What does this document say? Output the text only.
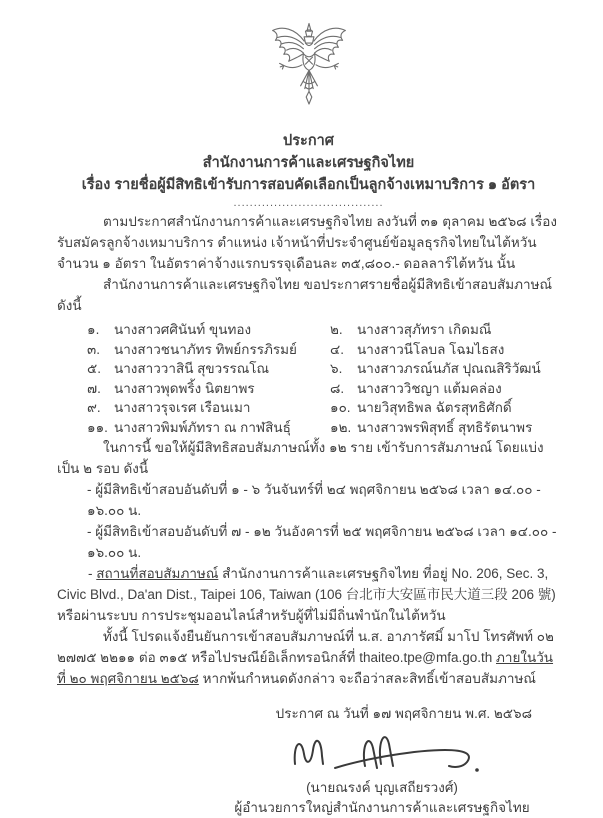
ประกาศ
สำนักงานการค้าและเศรษฐกิจไทย
เรื่อง รายชื่อผู้มีสิทธิเข้ารับการสอบคัดเลือกเป็นลูกจ้างเหมาบริการ ๑ อัตรา
.....................................

ตามประกาศสำนักงานการค้าและเศรษฐกิจไทย ลงวันที่ ๓๑ ตุลาคม ๒๕๖๘ เรื่อง รับสมัครลูกจ้างเหมาบริการ ตำแหน่ง เจ้าหน้าที่ประจำศูนย์ข้อมูลธุรกิจไทยในไต้หวัน จำนวน ๑ อัตรา ในอัตราค่าจ้างแรกบรรจุเดือนละ ๓๕,๘๐๐.- ดอลลาร์ไต้หวัน นั้น

สำนักงานการค้าและเศรษฐกิจไทย ขอประกาศรายชื่อผู้มีสิทธิเข้าสอบสัมภาษณ์ ดังนี้

๑.	นางสาวศศินันท์ ขุนทอง	๒.	นางสาวสุภัทรา เกิดมณี
๓.	นางสาวชนาภัทร ทิพย์กรรภิรมย์ ๔. นางสาวนีโลบล โฉมไธสง
๕. นางสาววาสินี สุขวรรณโณ	๖.	นางสาวภรณ์นภัส ปุณณสิริวัฒน์
๗. นางสาวพุดพริ้ง นิตยาพร	๘. นางสาววิชญา แต้มคล่อง
๙. นางสาวรุจเรศ เรือนเมา	๑๐. นายวิสุทธิพล ฉัตรสุทธิศักดิ์
๑๑. นางสาวพิมพ์ภัทรา ณ กาฬสินธุ์	๑๒. นางสาวพรพิสุทธิ์ สุทธิรัตนาพร

ในการนี้ ขอให้ผู้มีสิทธิสอบสัมภาษณ์ทั้ง ๑๒ ราย เข้ารับการสัมภาษณ์ โดยแบ่งเป็น ๒ รอบ ดังนี้

- ผู้มีสิทธิเข้าสอบอันดับที่ ๑ - ๖ วันจันทร์ที่ ๒๔ พฤศจิกายน ๒๕๖๘ เวลา ๑๔.๐๐ - ๑๖.๐๐ น.
- ผู้มีสิทธิเข้าสอบอันดับที่ ๗ - ๑๒ วันอังคารที่ ๒๕ พฤศจิกายน ๒๕๖๘ เวลา ๑๔.๐๐ - ๑๖.๐๐ น.

- สถานที่สอบสัมภาษณ์ สำนักงานการค้าและเศรษฐกิจไทย ที่อยู่ No. 206, Sec. 3, Civic Blvd., Da'an Dist., Taipei 106, Taiwan (106 台北市大安區市民大道三段 206 號) หรือผ่านระบบ การประชุมออนไลน์สำหรับผู้ที่ไม่มีถิ่นพำนักในไต้หวัน

ทั้งนี้ โปรดแจ้งยืนยันการเข้าสอบสัมภาษณ์ที่ น.ส. อาภารัศมิ์ มาโป โทรศัพท์ ๐๒ ๒๗๗๕ ๒๒๑๑ ต่อ ๓๑๕ หรือไปรษณีย์อิเล็กทรอนิกส์ที่ thaiteo.tpe@mfa.go.th ภายในวันที่ ๒๐ พฤศจิกายน ๒๕๖๘ หากพ้นกำหนดดังกล่าว จะถือว่าสละสิทธิ์เข้าสอบสัมภาษณ์

ประกาศ ณ วันที่ ๑๗ พฤศจิกายน พ.ศ. ๒๕๖๘
(นายณรงค์ บุญเสถียรวงศ์)
ผู้อำนวยการใหญ่สำนักงานการค้าและเศรษฐกิจไทย
